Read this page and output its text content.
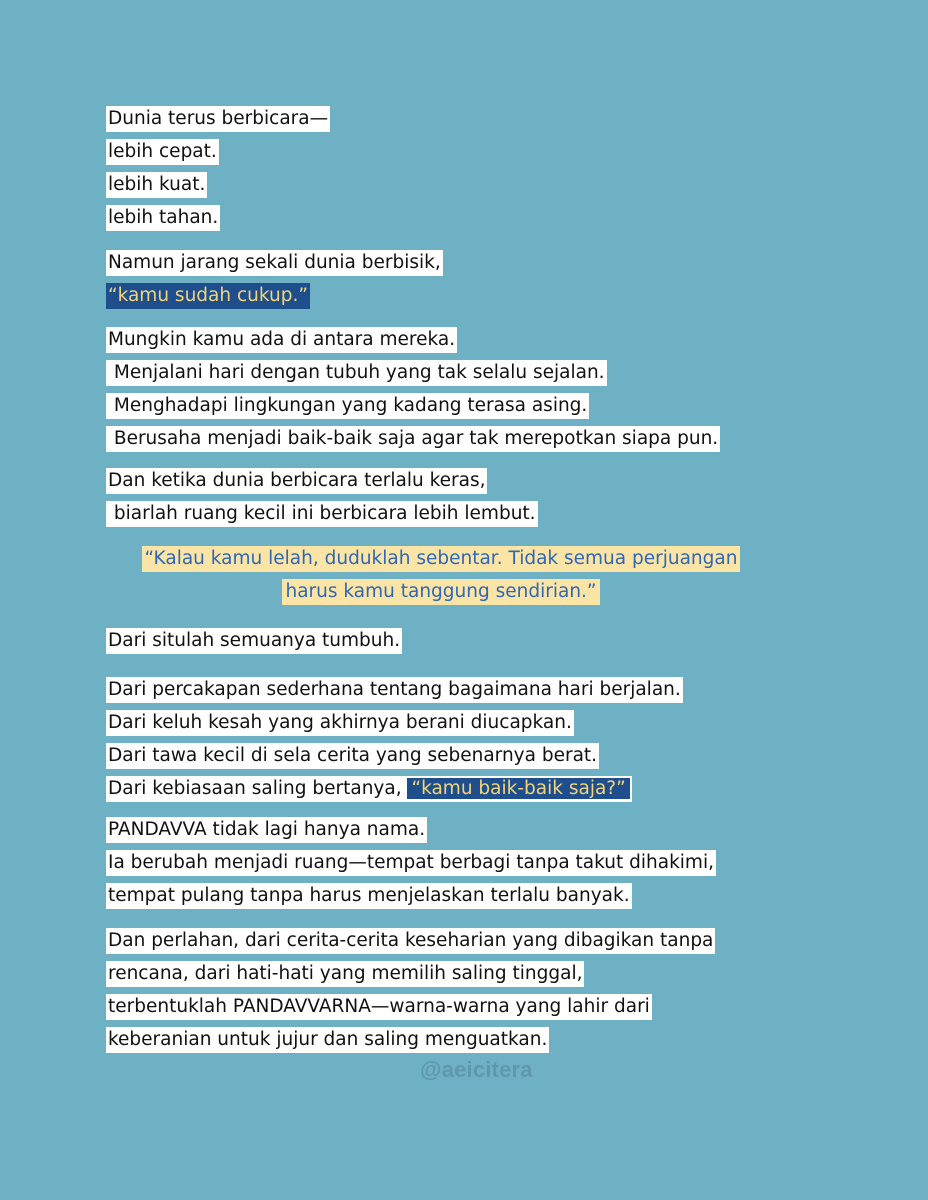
Dunia terus berbicara—
lebih cepat.
lebih kuat.
lebih tahan.
Namun jarang sekali dunia berbisik,
“kamu sudah cukup.”
Mungkin kamu ada di antara mereka.
Menjalani hari dengan tubuh yang tak selalu sejalan.
Menghadapi lingkungan yang kadang terasa asing.
Berusaha menjadi baik-baik saja agar tak merepotkan siapa pun.
Dan ketika dunia berbicara terlalu keras,
biarlah ruang kecil ini berbicara lebih lembut.
“Kalau kamu lelah, duduklah sebentar. Tidak semua perjuangan
harus kamu tanggung sendirian.”
Dari situlah semuanya tumbuh.
Dari percakapan sederhana tentang bagaimana hari berjalan.
Dari keluh kesah yang akhirnya berani diucapkan.
Dari tawa kecil di sela cerita yang sebenarnya berat.
Dari kebiasaan saling bertanya, “kamu baik-baik saja?”
PANDAVVA tidak lagi hanya nama.
Ia berubah menjadi ruang—tempat berbagi tanpa takut dihakimi,
tempat pulang tanpa harus menjelaskan terlalu banyak.
Dan perlahan, dari cerita-cerita keseharian yang dibagikan tanpa
rencana, dari hati-hati yang memilih saling tinggal,
terbentuklah PANDAVVARNA—warna-warna yang lahir dari
keberanian untuk jujur dan saling menguatkan.
@aeicitera
